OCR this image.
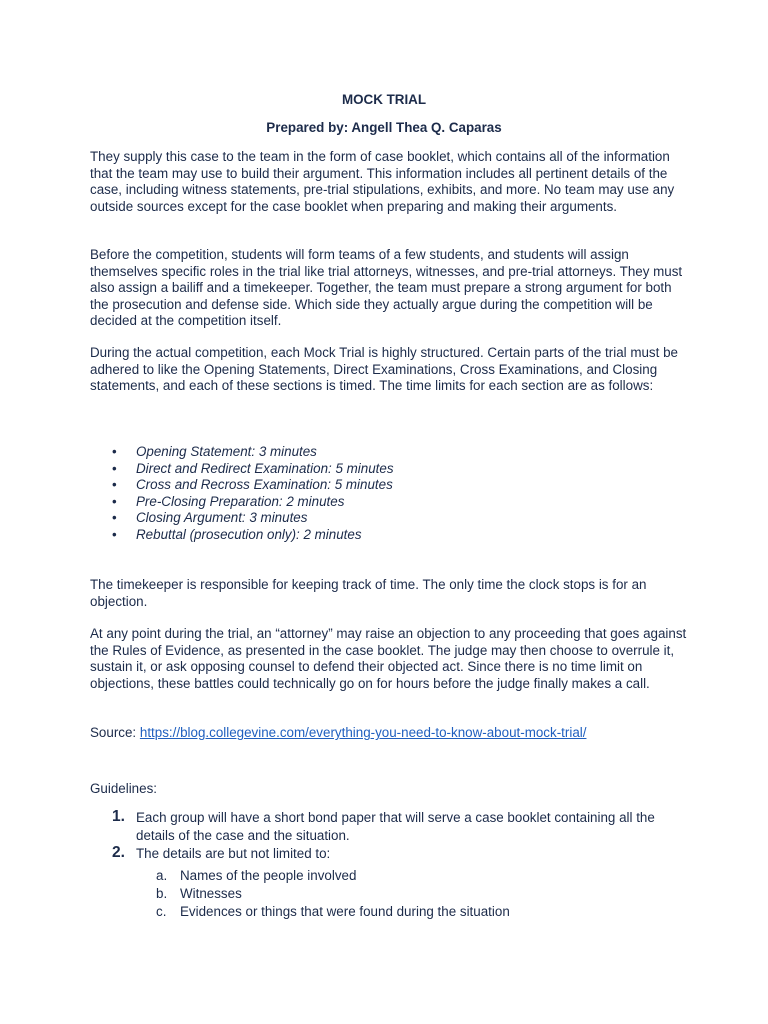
MOCK TRIAL
Prepared by: Angell Thea Q. Caparas

They supply this case to the team in the form of case booklet, which contains all of the information that the team may use to build their argument. This information includes all pertinent details of the case, including witness statements, pre-trial stipulations, exhibits, and more. No team may use any outside sources except for the case booklet when preparing and making their arguments.

Before the competition, students will form teams of a few students, and students will assign themselves specific roles in the trial like trial attorneys, witnesses, and pre-trial attorneys. They must also assign a bailiff and a timekeeper. Together, the team must prepare a strong argument for both the prosecution and defense side. Which side they actually argue during the competition will be decided at the competition itself.

During the actual competition, each Mock Trial is highly structured. Certain parts of the trial must be adhered to like the Opening Statements, Direct Examinations, Cross Examinations, and Closing statements, and each of these sections is timed. The time limits for each section are as follows:

• Opening Statement: 3 minutes
• Direct and Redirect Examination: 5 minutes
• Cross and Recross Examination: 5 minutes
• Pre-Closing Preparation: 2 minutes
• Closing Argument: 3 minutes
• Rebuttal (prosecution only): 2 minutes

The timekeeper is responsible for keeping track of time. The only time the clock stops is for an objection.

At any point during the trial, an “attorney” may raise an objection to any proceeding that goes against the Rules of Evidence, as presented in the case booklet. The judge may then choose to overrule it, sustain it, or ask opposing counsel to defend their objected act. Since there is no time limit on objections, these battles could technically go on for hours before the judge finally makes a call.

Source: https://blog.collegevine.com/everything-you-need-to-know-about-mock-trial/
Guidelines:
1. Each group will have a short bond paper that will serve a case booklet containing all the details of the case and the situation.
2. The details are but not limited to:
a. Names of the people involved
b. Witnesses
c. Evidences or things that were found during the situation
